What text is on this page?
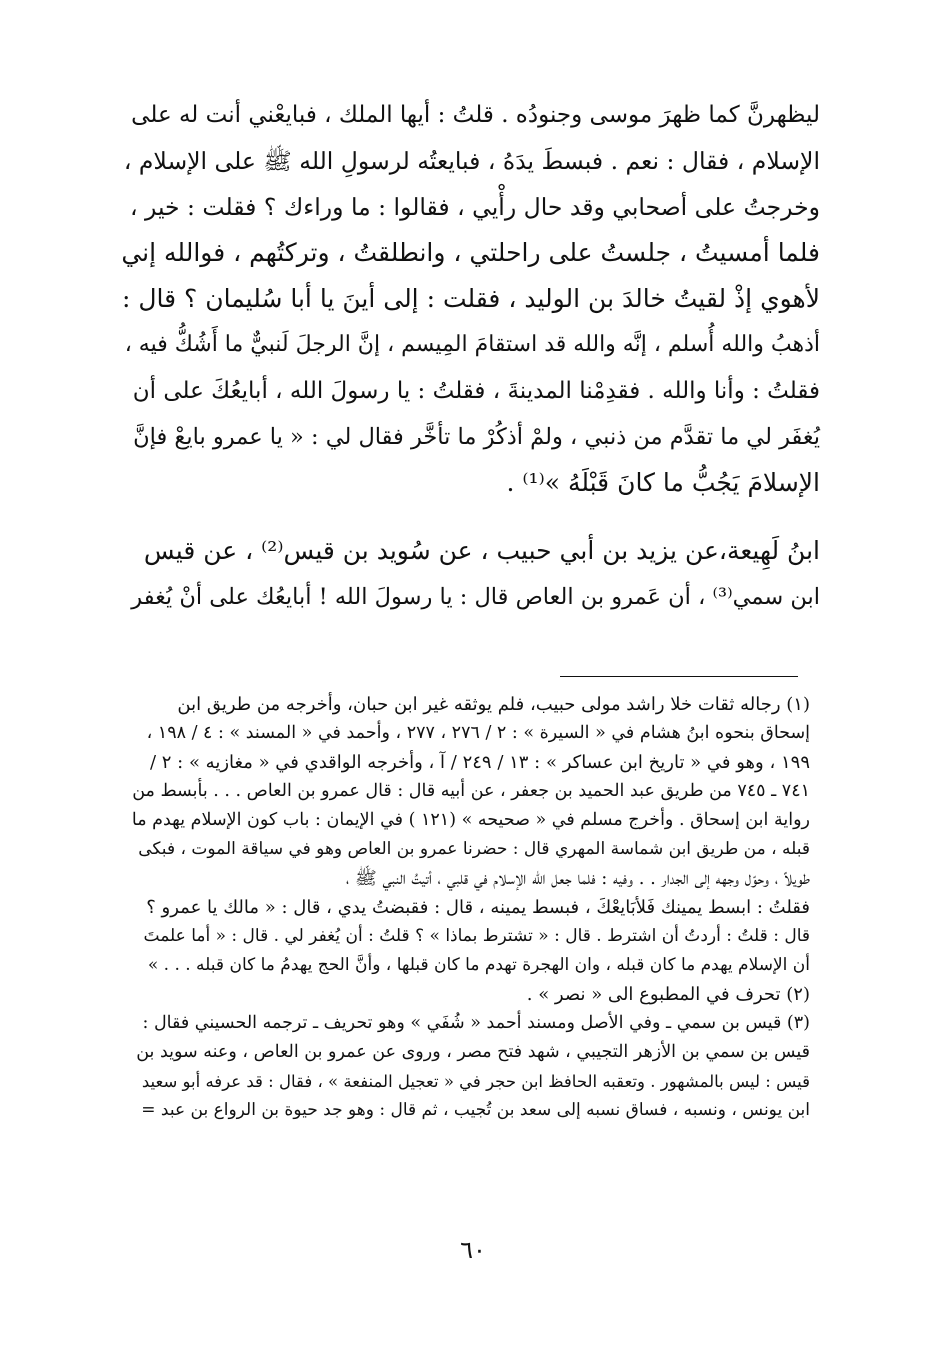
ليظهرنَّ كما ظهرَ موسى وجنودُه . قلتُ : أيها الملك ، فبايعْني أنت له على
الإسلام ، فقال : نعم . فبسطَ يدَهُ ، فبايعتُه لرسولِ الله ﷺ على الإسلام ،
وخرجتُ على أصحابي وقد حال رأْيي ، فقالوا : ما وراءك ؟ فقلت : خير ،
فلما أمسيتُ ، جلستُ على راحلتي ، وانطلقتُ ، وتركتُهم ، فوالله إني
لأهوي إذْ لقيتُ خالدَ بن الوليد ، فقلت : إلى أينَ يا أبا سُليمان ؟ قال :
أذهبُ والله أُسلم ، إنَّه والله قد استقامَ المِيسم ، إنَّ الرجلَ لَنبيٌّ ما أَشُكُّ فيه ،
فقلتُ : وأنا والله . فقدِمْنا المدينةَ ، فقلتُ : يا رسولَ الله ، أبايعُكَ على أن
يُغفَر لي ما تقدَّم من ذنبي ، ولمْ أذكُرْ ما تأخَّر فقال لي : « يا عمرو بايعْ فإنَّ
الإسلامَ يَجُبُّ ما كانَ قَبْلَهُ »⁽¹⁾ .
ابنُ لَهِيعة،عن يزيد بن أبي حبيب ، عن سُويد بن قيس⁽²⁾ ، عن قيس
ابن سمي⁽³⁾ ، أن عَمرو بن العاص قال : يا رسولَ الله ! أبايعُك على أنْ يُغفر
(١) رجاله ثقات خلا راشد مولى حبيب، فلم يوثقه غير ابن حبان، وأخرجه من طريق ابن
إسحاق بنحوه ابنُ هشام في « السيرة » : ٢ / ٢٧٦ ، ٢٧٧ ، وأحمد في « المسند » : ٤ / ١٩٨ ،
١٩٩ ، وهو في « تاريخ ابن عساكر » : ١٣ / ٢٤٩ / آ ، وأخرجه الواقدي في « مغازيه » : ٢ /
٧٤١ ـ ٧٤٥ من طريق عبد الحميد بن جعفر ، عن أبيه قال : قال عمرو بن العاص . . . بأبسط من
رواية ابن إسحاق . وأخرج مسلم في « صحيحه » (١٢١ ) في الإيمان : باب كون الإسلام يهدم ما
قبله ، من طريق ابن شماسة المهري قال : حضرنا عمرو بن العاص وهو في سياقة الموت ، فبكى
طويلاً ، وحوّل وجهه إلى الجدار . . وفيه : فلما جعل الله الإسلام في قلبي ، أتيتُ النبي ﷺ ،
فقلتُ : ابسط يمينك فَلأبَايعْكَ ، فبسط يمينه ، قال : فقبضتُ يدي ، قال : « مالك يا عمرو ؟
قال : قلتُ : أردتُ أن اشترط . قال : « تشترط بماذا » ؟ قلتُ : أن يُغفر لي . قال : « أما علمتَ
أن الإسلام يهدم ما كان قبله ، وان الهجرة تهدم ما كان قبلها ، وأنَّ الحج يهدمُ ما كان قبله . . . »
(٢) تحرف في المطبوع الى « نصر » .
(٣) قيس بن سمي ـ وفي الأصل ومسند أحمد « شُفَي » وهو تحريف ـ ترجمه الحسيني فقال :
قيس بن سمي بن الأزهر التجيبي ، شهد فتح مصر ، وروى عن عمرو بن العاص ، وعنه سويد بن
قيس : ليس بالمشهور . وتعقبه الحافظ ابن حجر في « تعجيل المنفعة » ، فقال : قد عرفه أبو سعيد
ابن يونس ، ونسبه ، فساق نسبه إلى سعد بن تُجيب ، ثم قال : وهو جد حيوة بن الرواع بن عبد =
٦٠
